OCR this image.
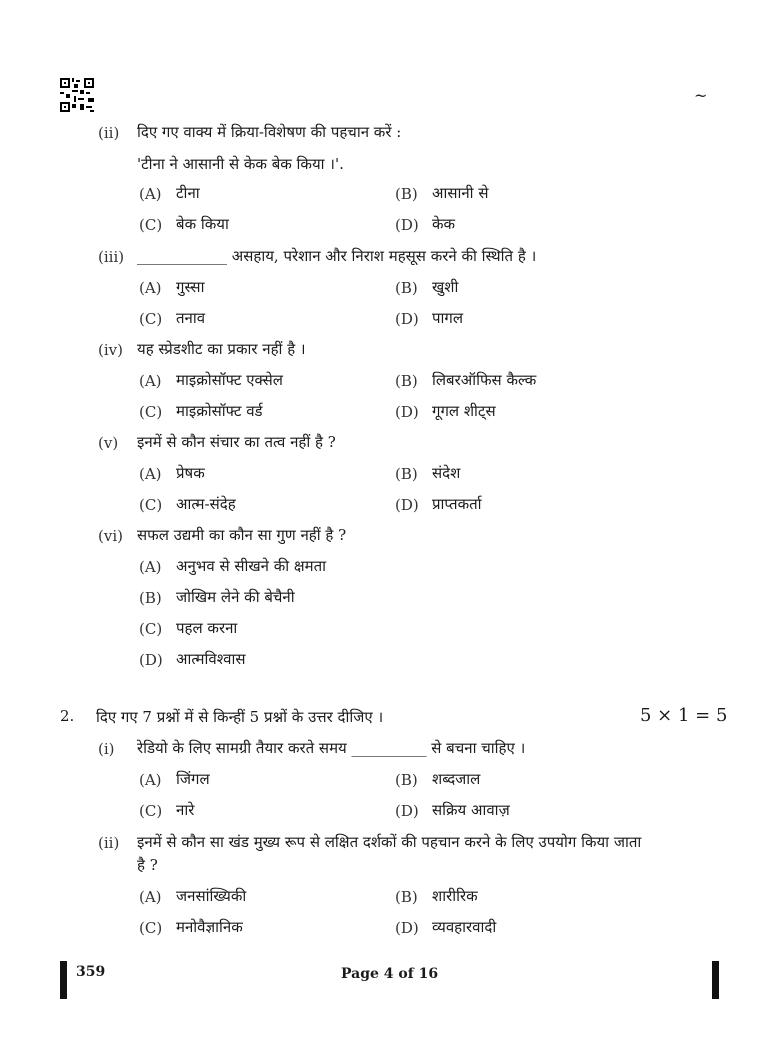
~
(ii) दिए गए वाक्य में क्रिया-विशेषण की पहचान करें :
'टीना ने आसानी से केक बेक किया ।'.
(A) टीना	(B) आसानी से
(C) बेक किया	(D) केक
(iii) ____________ असहाय, परेशान और निराश महसूस करने की स्थिति है ।
(A) गुस्सा	(B) खुशी
(C) तनाव	(D) पागल
(iv) यह स्प्रेडशीट का प्रकार नहीं है ।
(A) माइक्रोसॉफ्ट एक्सेल	(B) लिबरऑफिस कैल्क
(C) माइक्रोसॉफ्ट वर्ड	(D) गूगल शीट्स
(v) इनमें से कौन संचार का तत्व नहीं है ?
(A) प्रेषक	(B) संदेश
(C) आत्म-संदेह	(D) प्राप्तकर्ता
(vi) सफल उद्यमी का कौन सा गुण नहीं है ?
(A) अनुभव से सीखने की क्षमता
(B) जोखिम लेने की बेचैनी
(C) पहल करना
(D) आत्मविश्वास
2. दिए गए 7 प्रश्नों में से किन्हीं 5 प्रश्नों के उत्तर दीजिए ।	5 × 1 = 5
(i) रेडियो के लिए सामग्री तैयार करते समय __________ से बचना चाहिए ।
(A) जिंगल	(B) शब्दजाल
(C) नारे	(D) सक्रिय आवाज़
(ii) इनमें से कौन सा खंड मुख्य रूप से लक्षित दर्शकों की पहचान करने के लिए उपयोग किया जाता
है ?
(A) जनसांख्यिकी	(B) शारीरिक
(C) मनोवैज्ञानिक	(D) व्यवहारवादी
359	Page 4 of 16
